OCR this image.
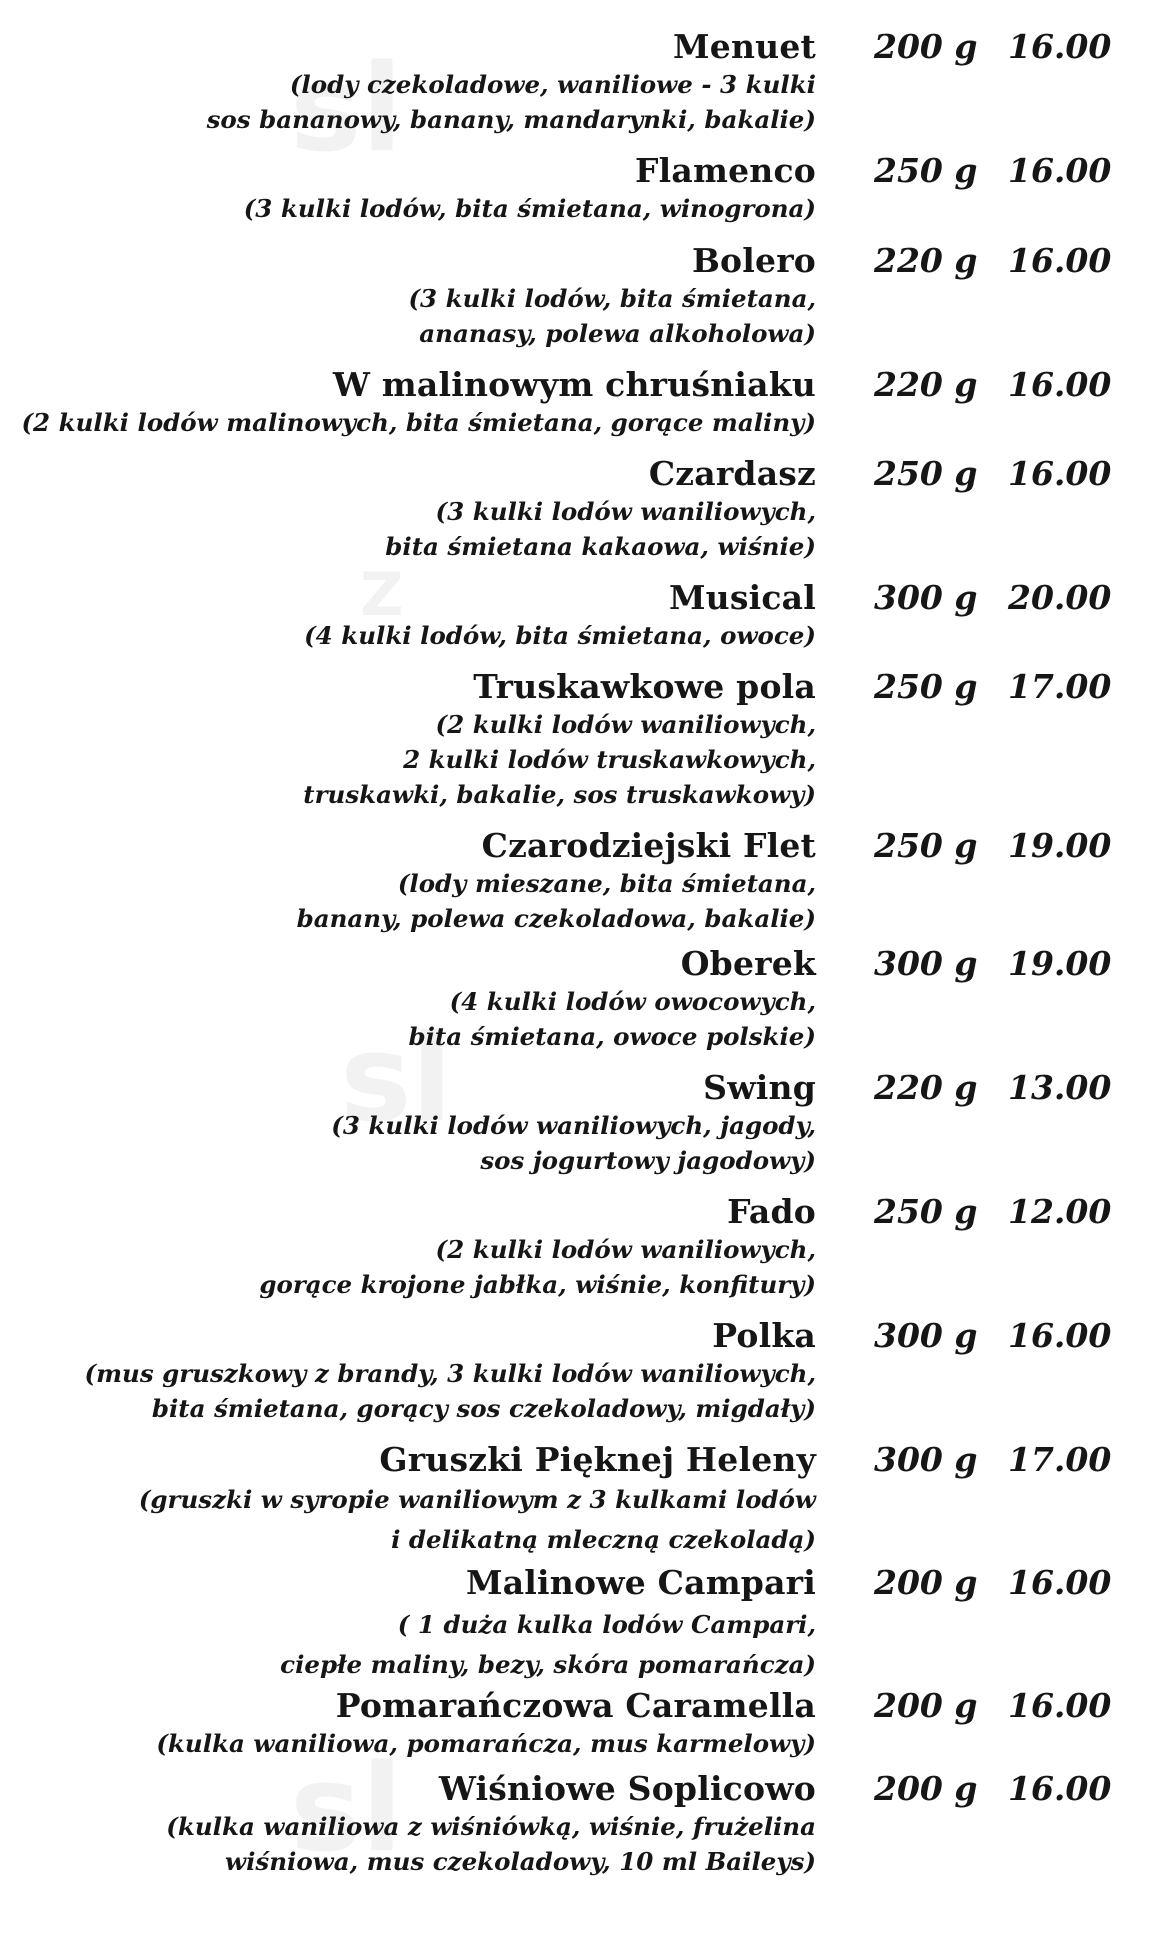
sl
Z
sl
sl
Menuet 200 g 16.00
(lody czekoladowe, waniliowe - 3 kulki
sos bananowy, banany, mandarynki, bakalie)
Flamenco 250 g 16.00
(3 kulki lodów, bita śmietana, winogrona)
Bolero 220 g 16.00
(3 kulki lodów, bita śmietana,
ananasy, polewa alkoholowa)
W malinowym chruśniaku 220 g 16.00
(2 kulki lodów malinowych, bita śmietana, gorące maliny)
Czardasz 250 g 16.00
(3 kulki lodów waniliowych,
bita śmietana kakaowa, wiśnie)
Musical 300 g 20.00
(4 kulki lodów, bita śmietana, owoce)
Truskawkowe pola 250 g 17.00
(2 kulki lodów waniliowych,
2 kulki lodów truskawkowych,
truskawki, bakalie, sos truskawkowy)
Czarodziejski Flet 250 g 19.00
(lody mieszane, bita śmietana,
banany, polewa czekoladowa, bakalie)
Oberek 300 g 19.00
(4 kulki lodów owocowych,
bita śmietana, owoce polskie)
Swing 220 g 13.00
(3 kulki lodów waniliowych, jagody,
sos jogurtowy jagodowy)
Fado 250 g 12.00
(2 kulki lodów waniliowych,
gorące krojone jabłka, wiśnie, konfitury)
Polka 300 g 16.00
(mus gruszkowy z brandy, 3 kulki lodów waniliowych,
bita śmietana, gorący sos czekoladowy, migdały)
Gruszki Pięknej Heleny 300 g 17.00
(gruszki w syropie waniliowym z 3 kulkami lodów
i delikatną mleczną czekoladą)
Malinowe Campari 200 g 16.00
( 1 duża kulka lodów Campari,
ciepłe maliny, bezy, skóra pomarańcza)
Pomarańczowa Caramella 200 g 16.00
(kulka waniliowa, pomarańcza, mus karmelowy)
Wiśniowe Soplicowo 200 g 16.00
(kulka waniliowa z wiśniówką, wiśnie, frużelina
wiśniowa, mus czekoladowy, 10 ml Baileys)
